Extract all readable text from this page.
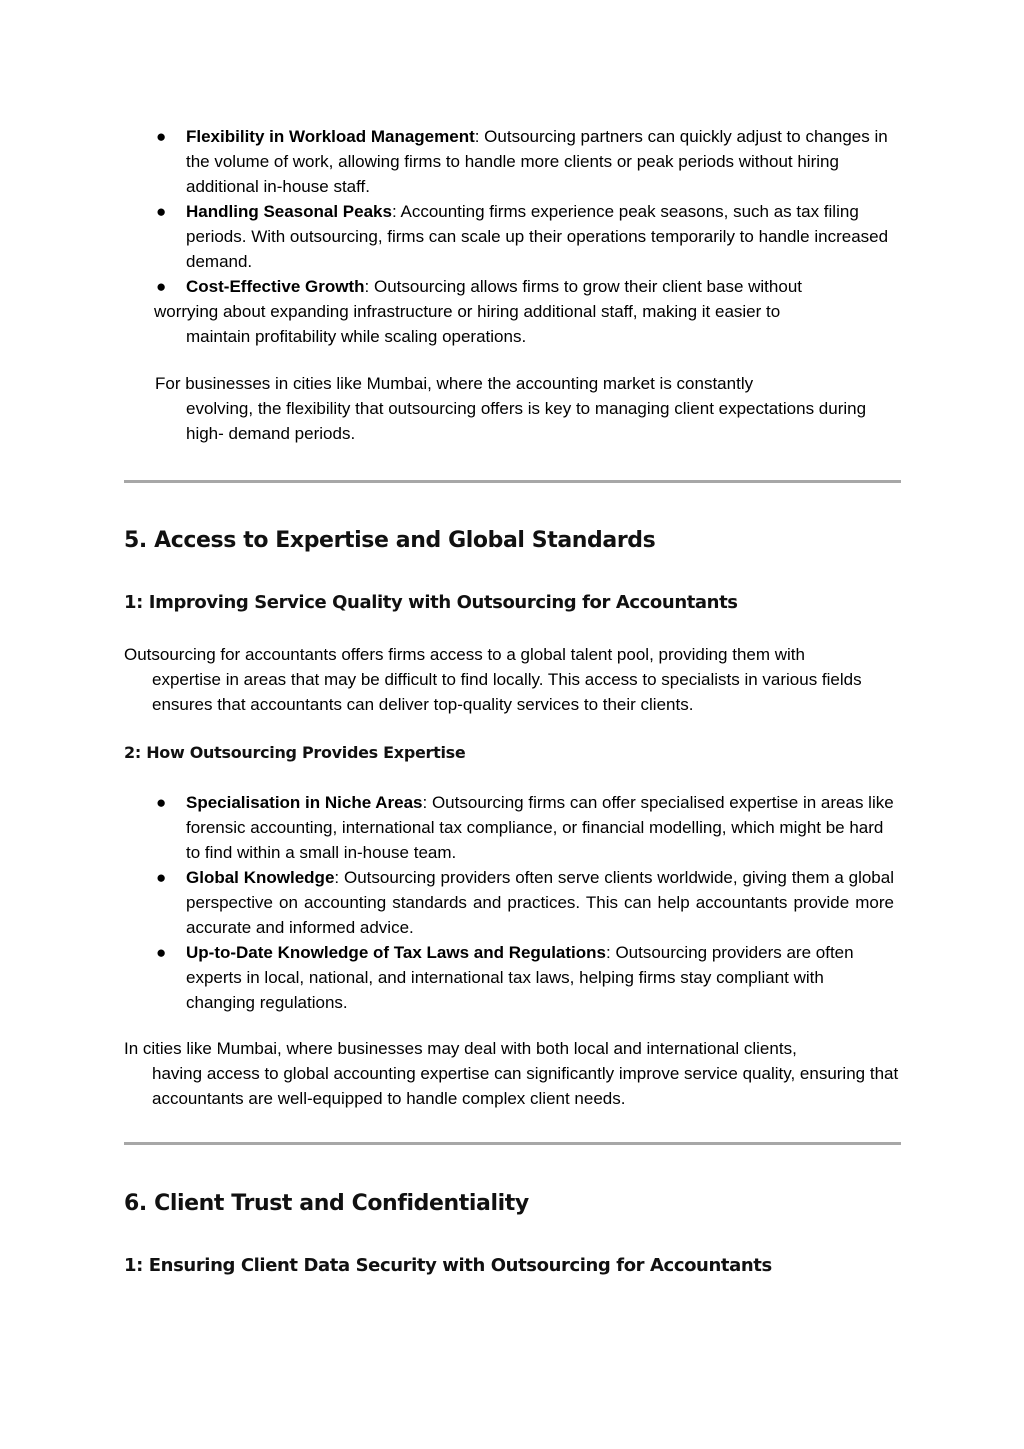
● Flexibility in Workload Management: Outsourcing partners can quickly adjust to changes in the volume of work, allowing firms to handle more clients or peak periods without hiring additional in-house staff.
● Handling Seasonal Peaks: Accounting firms experience peak seasons, such as tax filing periods. With outsourcing, firms can scale up their operations temporarily to handle increased demand.
● Cost-Effective Growth: Outsourcing allows firms to grow their client base without
worrying about expanding infrastructure or hiring additional staff, making it easier to
maintain profitability while scaling operations.
For businesses in cities like Mumbai, where the accounting market is constantly
evolving, the flexibility that outsourcing offers is key to managing client expectations during high- demand periods.
5. Access to Expertise and Global Standards
1: Improving Service Quality with Outsourcing for Accountants
Outsourcing for accountants offers firms access to a global talent pool, providing them with
expertise in areas that may be difficult to find locally. This access to specialists in various fields ensures that accountants can deliver top-quality services to their clients.
2: How Outsourcing Provides Expertise
● Specialisation in Niche Areas: Outsourcing firms can offer specialised expertise in areas like forensic accounting, international tax compliance, or financial modelling, which might be hard to find within a small in-house team.
● Global Knowledge: Outsourcing providers often serve clients worldwide, giving them a global perspective on accounting standards and practices. This can help accountants provide more accurate and informed advice.
● Up-to-Date Knowledge of Tax Laws and Regulations: Outsourcing providers are often experts in local, national, and international tax laws, helping firms stay compliant with changing regulations.
In cities like Mumbai, where businesses may deal with both local and international clients,
having access to global accounting expertise can significantly improve service quality, ensuring that accountants are well-equipped to handle complex client needs.
6. Client Trust and Confidentiality
1: Ensuring Client Data Security with Outsourcing for Accountants
